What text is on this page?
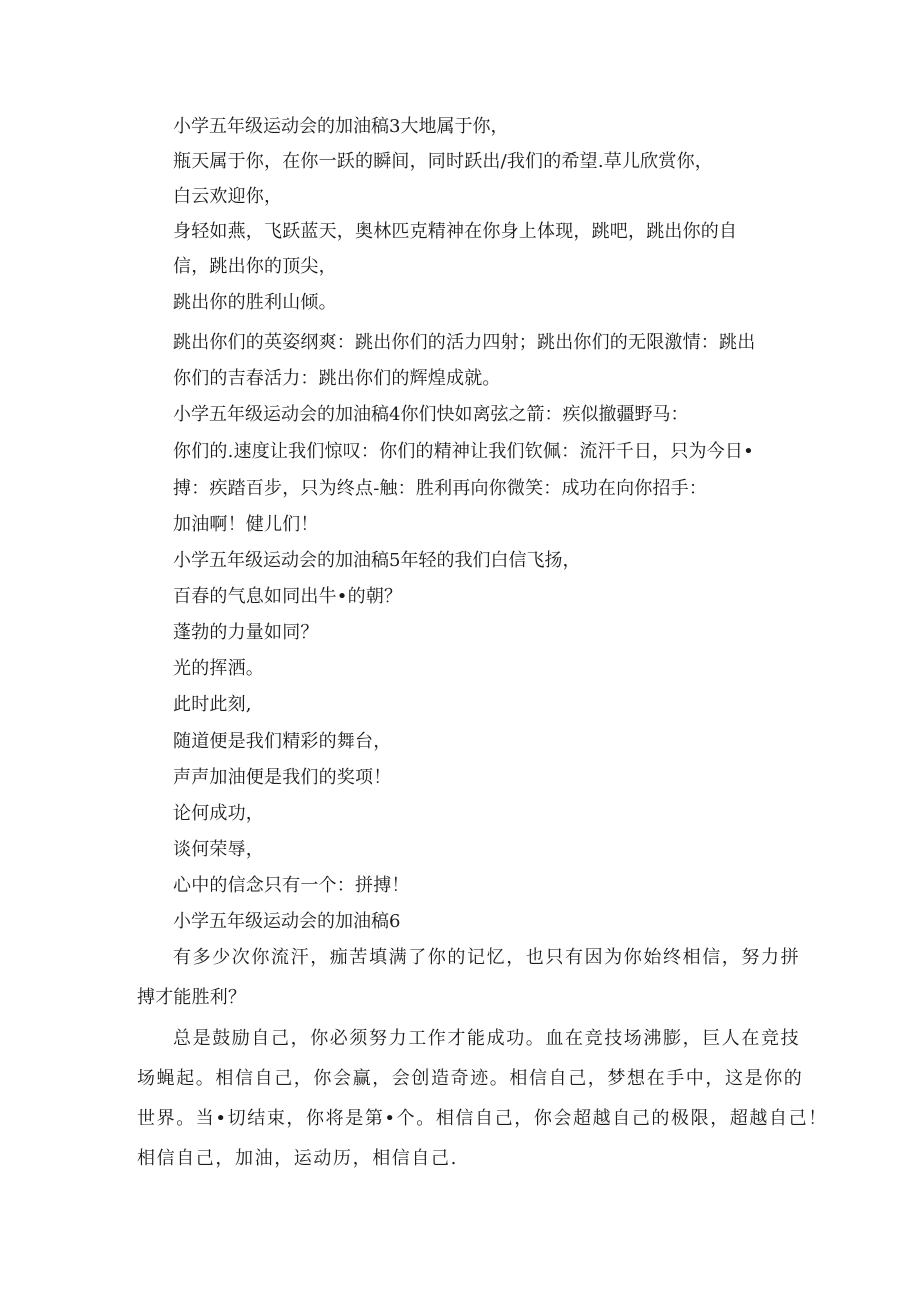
小学五年级运动会的加油稿3大地属于你，
瓶天属于你，在你一跃的瞬间，同时跃出/我们的希望.草儿欣赏你，
白云欢迎你，
身轻如燕，飞跃蓝天，奥林匹克精神在你身上体现，跳吧，跳出你的自
信，跳出你的顶尖，
跳出你的胜利山倾。
跳出你们的英姿纲爽：跳出你们的活力四射；跳出你们的无限激情：跳出
你们的吉春活力：跳出你们的辉煌成就。
小学五年级运动会的加油稿4你们快如离弦之箭：疾似撤疆野马：
你们的.速度让我们惊叹：你们的精神让我们钦佩：流汗千日，只为今日•
搏：疾踏百步，只为终点-触：胜利再向你微笑：成功在向你招手：
加油啊！健儿们！
小学五年级运动会的加油稿5年轻的我们白信飞扬，
百春的气息如同出牛•的朝？
蓬勃的力量如同？
光的挥洒。
此时此刻,
随道便是我们精彩的舞台，
声声加油便是我们的奖项！
论何成功，
谈何荣辱，
心中的信念只有一个：拼搏！
小学五年级运动会的加油稿6
有多少次你流汗，痂苦填满了你的记忆，也只有因为你始终相信，努力拼
搏才能胜利？
总是鼓励自己，你必须努力工作才能成功。血在竞技场沸膨，巨人在竞技
场蝇起。相信自己，你会赢，会创造奇迹。相信自己，梦想在手中，这是你的
世界。当•切结束，你将是第•个。相信自己，你会超越自己的极限，超越自己！
相信自己，加油，运动历，相信自己.
